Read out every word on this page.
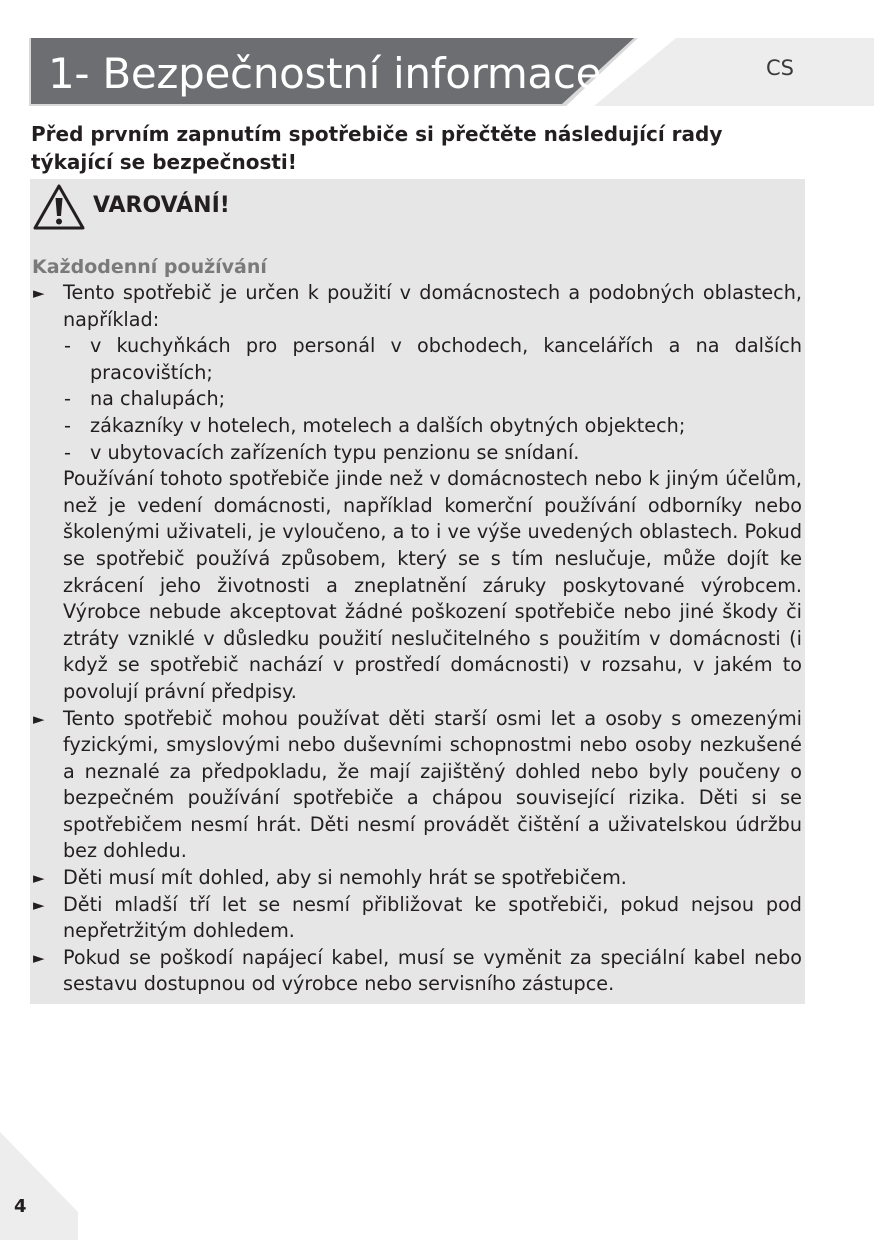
1- Bezpečnostní informace	CS
Před prvním zapnutím spotřebiče si přečtěte následující rady týkající se bezpečnosti!
VAROVÁNÍ!
Každodenní používání
► Tento spotřebič je určen k použití v domácnostech a podobných oblastech, například:
- v kuchyňkách pro personál v obchodech, kancelářích a na dalších pracovištích;
- na chalupách;
- zákazníky v hotelech, motelech a dalších obytných objektech;
- v ubytovacích zařízeních typu penzionu se snídaní.
Používání tohoto spotřebiče jinde než v domácnostech nebo k jiným účelům, než je vedení domácnosti, například komerční používání odborníky nebo školenými uživateli, je vyloučeno, a to i ve výše uvedených oblastech. Pokud se spotřebič používá způsobem, který se s tím neslučuje, může dojít ke zkrácení jeho životnosti a zneplatnění záruky poskytované výrobcem. Výrobce nebude akceptovat žádné poškození spotřebiče nebo jiné škody či ztráty vzniklé v důsledku použití neslučitelného s použitím v domácnosti (i když se spotřebič nachází v prostředí domácnosti) v rozsahu, v jakém to povolují právní předpisy.
► Tento spotřebič mohou používat děti starší osmi let a osoby s omezenými fyzickými, smyslovými nebo duševními schopnostmi nebo osoby nezkušené a neznalé za předpokladu, že mají zajištěný dohled nebo byly poučeny o bezpečném používání spotřebiče a chápou související rizika. Děti si se spotřebičem nesmí hrát. Děti nesmí provádět čištění a uživatelskou údržbu bez dohledu.
► Děti musí mít dohled, aby si nemohly hrát se spotřebičem.
► Děti mladší tří let se nesmí přibližovat ke spotřebiči, pokud nejsou pod nepřetržitým dohledem.
► Pokud se poškodí napájecí kabel, musí se vyměnit za speciální kabel nebo sestavu dostupnou od výrobce nebo servisního zástupce.
4
